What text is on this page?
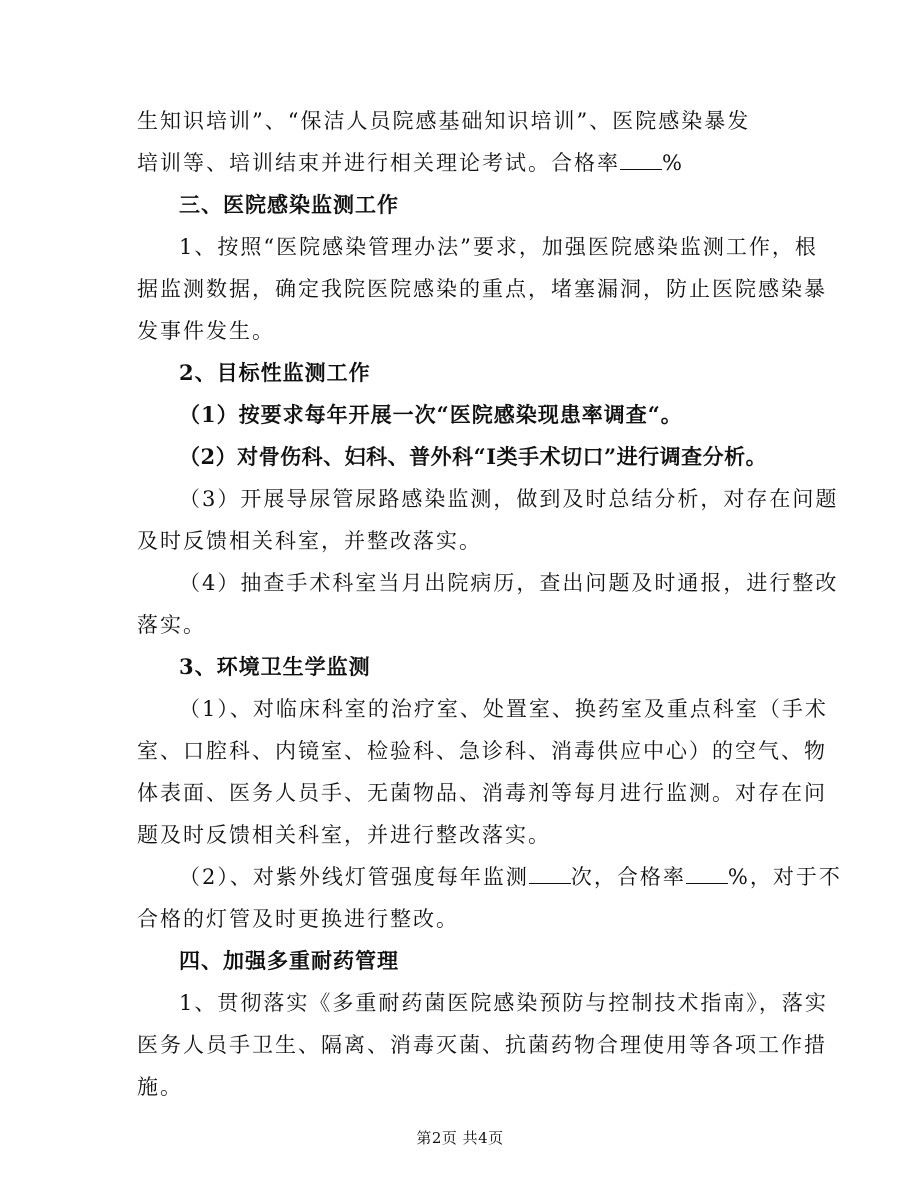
生知识培训”、“保洁人员院感基础知识培训”、医院感染暴发
培训等、培训结束并进行相关理论考试。合格率 %
三、医院感染监测工作
1、按照“医院感染管理办法”要求，加强医院感染监测工作，根
据监测数据，确定我院医院感染的重点，堵塞漏洞，防止医院感染暴
发事件发生。
2、目标性监测工作
（1）按要求每年开展一次“医院感染现患率调查“。
（2）对骨伤科、妇科、普外科“Ⅰ类手术切口”进行调查分析。
（3）开展导尿管尿路感染监测，做到及时总结分析，对存在问题
及时反馈相关科室，并整改落实。
（4）抽查手术科室当月出院病历，查出问题及时通报，进行整改
落实。
3、环境卫生学监测
（1）、对临床科室的治疗室、处置室、换药室及重点科室（手术
室、口腔科、内镜室、检验科、急诊科、消毒供应中心）的空气、物
体表面、医务人员手、无菌物品、消毒剂等每月进行监测。对存在问
题及时反馈相关科室，并进行整改落实。
（2）、对紫外线灯管强度每年监测 次，合格率 %，对于不
合格的灯管及时更换进行整改。
四、加强多重耐药管理
1、贯彻落实《多重耐药菌医院感染预防与控制技术指南》，落实
医务人员手卫生、隔离、消毒灭菌、抗菌药物合理使用等各项工作措
施。
第2页 共4页
